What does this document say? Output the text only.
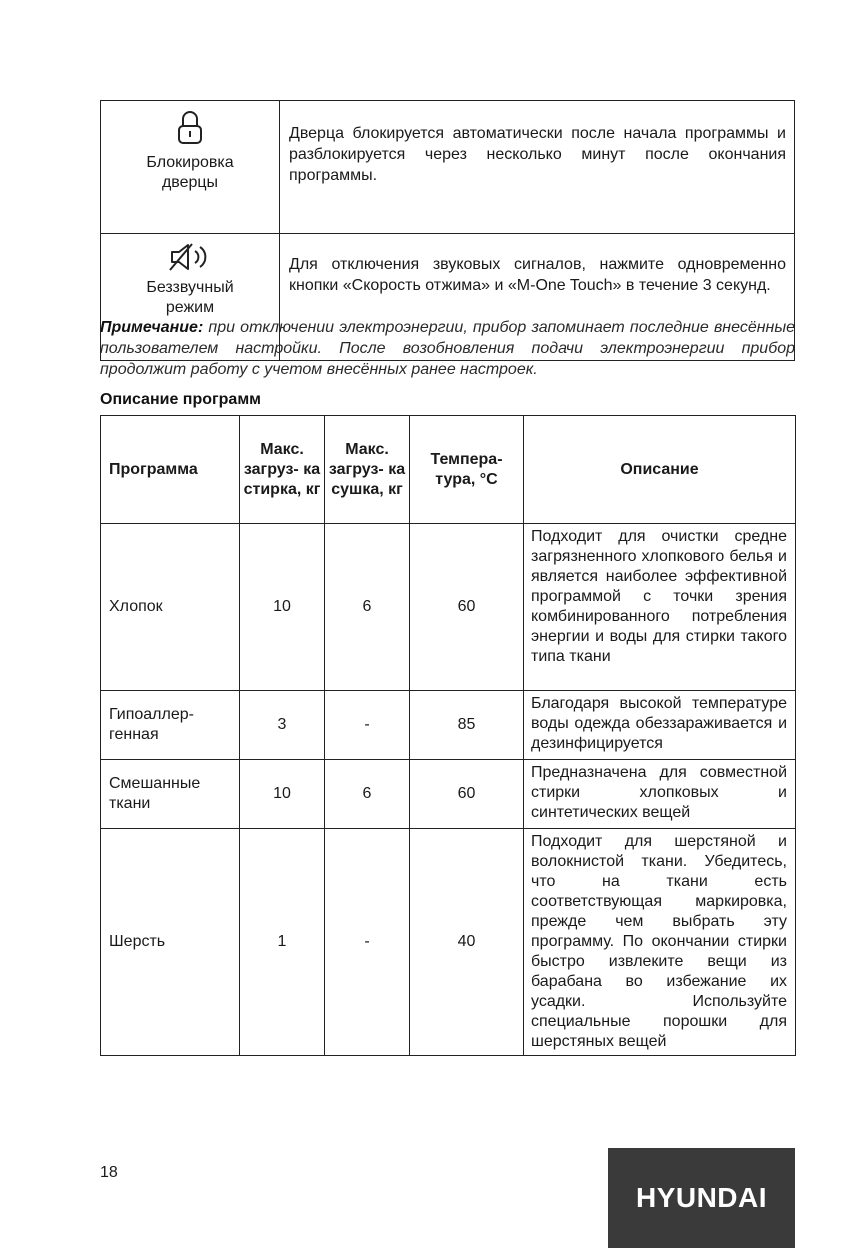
Блокировка
дверцы	Дверца блокируется автоматически после начала программы и разблокируется через несколько минут после окончания программы.

Беззвучный
режим	Для отключения звуковых сигналов, нажмите одновременно кнопки «Скорость отжима» и «M-One Touch» в течение 3 секунд.
Примечание: при отключении электроэнергии, прибор запоминает последние внесённые пользователем настройки. После возобновления подачи электроэнергии прибор продолжит работу с учетом внесённых ранее настроек.
Описание программ
Программа	Макс. загруз- ка стирка, кг	Макс. загруз- ка сушка, кг	Темпера- тура, °С	Описание
Хлопок	10	6	60	Подходит для очистки средне загрязненного хлопкового белья и является наиболее эффективной программой с точки зрения комбинированного потребления энергии и воды для стирки такого типа ткани
Гипоаллер- генная	3	-	85	Благодаря высокой температуре воды одежда обеззараживается и дезинфицируется
Смешанные ткани	10	6	60	Предназначена для совместной стирки хлопковых и синтетических вещей
Шерсть	1	-	40	Подходит для шерстяной и волокнистой ткани. Убедитесь, что на ткани есть соответствующая маркировка, прежде чем выбрать эту программу. По окончании стирки быстро извлеките вещи из барабана во избежание их усадки. Используйте специальные порошки для шерстяных вещей
18
HYUNDAI
